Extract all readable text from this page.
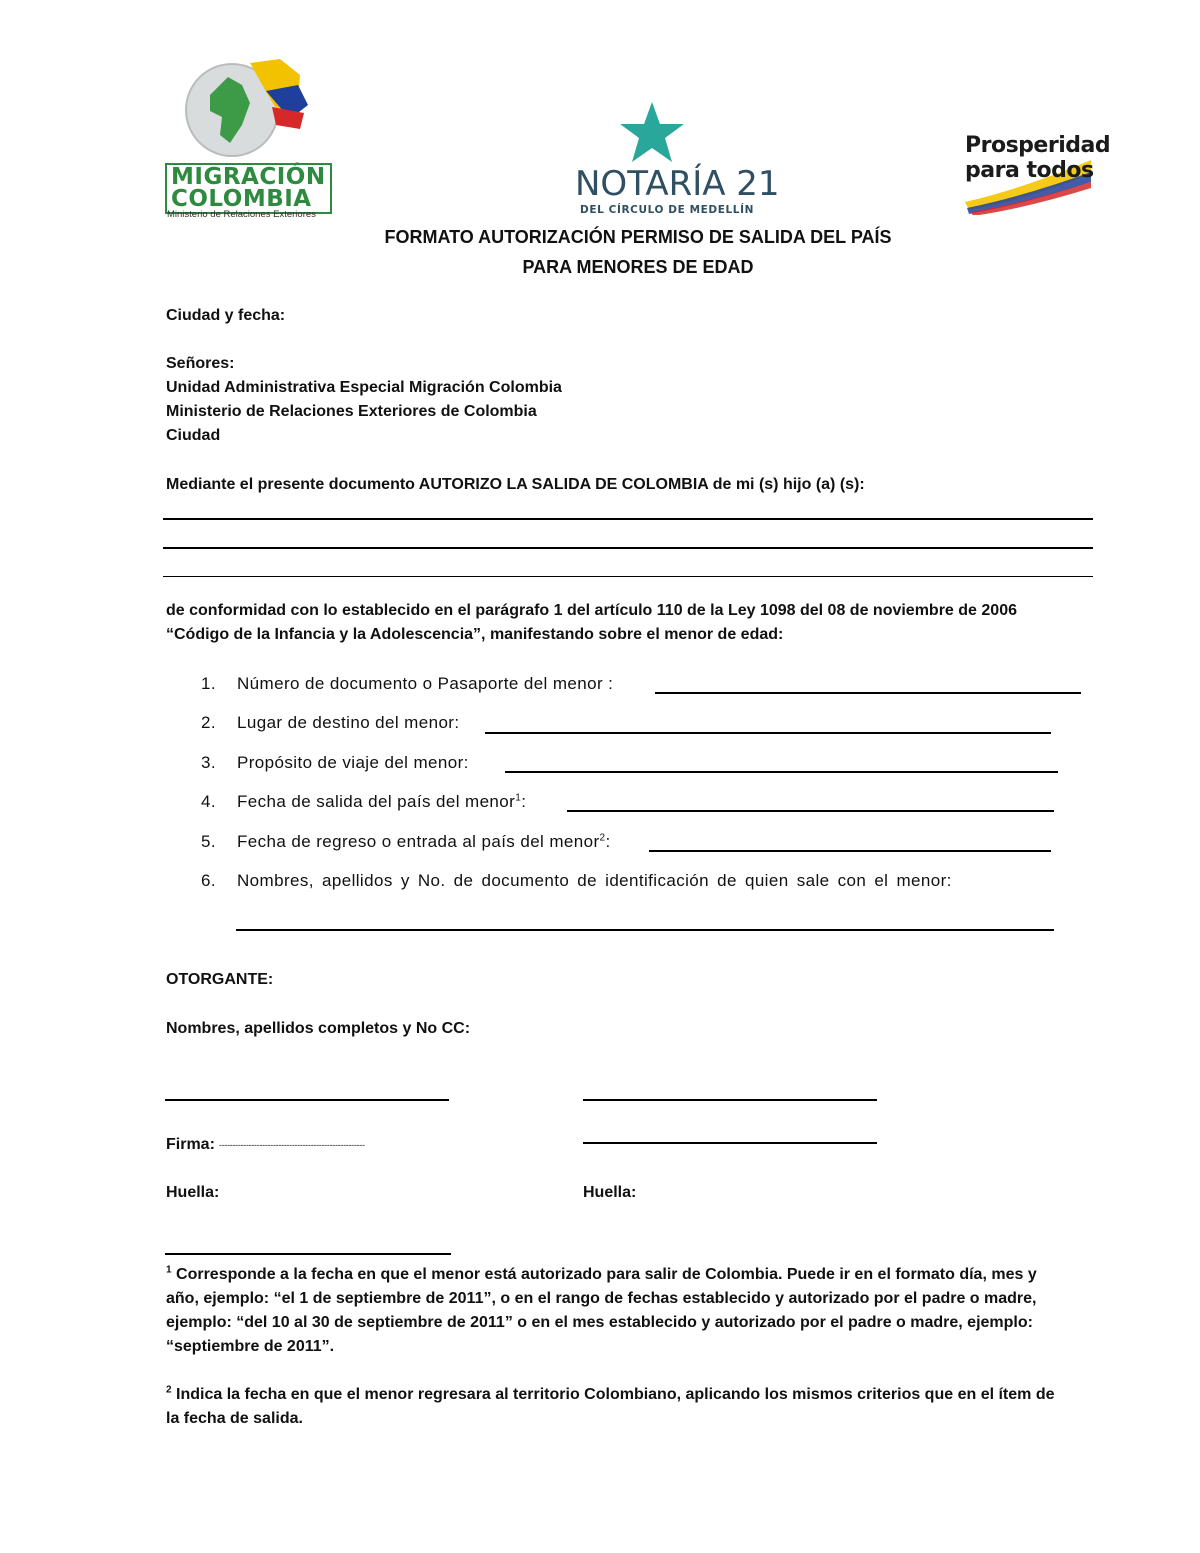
MIGRACIÓN
COLOMBIA
Ministerio de Relaciones Exteriores
NOTARÍA 21
DEL CÍRCULO DE MEDELLÍN
Prosperidad
para todos
FORMATO AUTORIZACIÓN PERMISO DE SALIDA DEL PAÍS
PARA MENORES DE EDAD
Ciudad y fecha:
Señores:
Unidad Administrativa Especial Migración Colombia
Ministerio de Relaciones Exteriores de Colombia
Ciudad
Mediante el presente documento AUTORIZO LA SALIDA DE COLOMBIA de mi (s) hijo (a) (s):
de conformidad con lo establecido en el parágrafo 1 del artículo 110 de la Ley 1098 del 08 de noviembre de 2006
“Código de la Infancia y la Adolescencia”, manifestando sobre el menor de edad:
1. Número de documento o Pasaporte del menor :
2. Lugar de destino del menor:
3. Propósito de viaje del menor:
4. Fecha de salida del país del menor$^1$:
5. Fecha de regreso o entrada al país del menor$^2$:
6. Nombres, apellidos y No. de documento de identificación de quien sale con el menor:
OTORGANTE:
Nombres, apellidos completos y No CC:
Firma: ------------------------------------------------------
Huella:	Huella:
$^1$ Corresponde a la fecha en que el menor está autorizado para salir de Colombia. Puede ir en el formato día, mes y
año, ejemplo: “el 1 de septiembre de 2011”, o en el rango de fechas establecido y autorizado por el padre o madre,
ejemplo: “del 10 al 30 de septiembre de 2011” o en el mes establecido y autorizado por el padre o madre, ejemplo:
“septiembre de 2011”.
$^2$ Indica la fecha en que el menor regresara al territorio Colombiano, aplicando los mismos criterios que en el ítem de
la fecha de salida.
